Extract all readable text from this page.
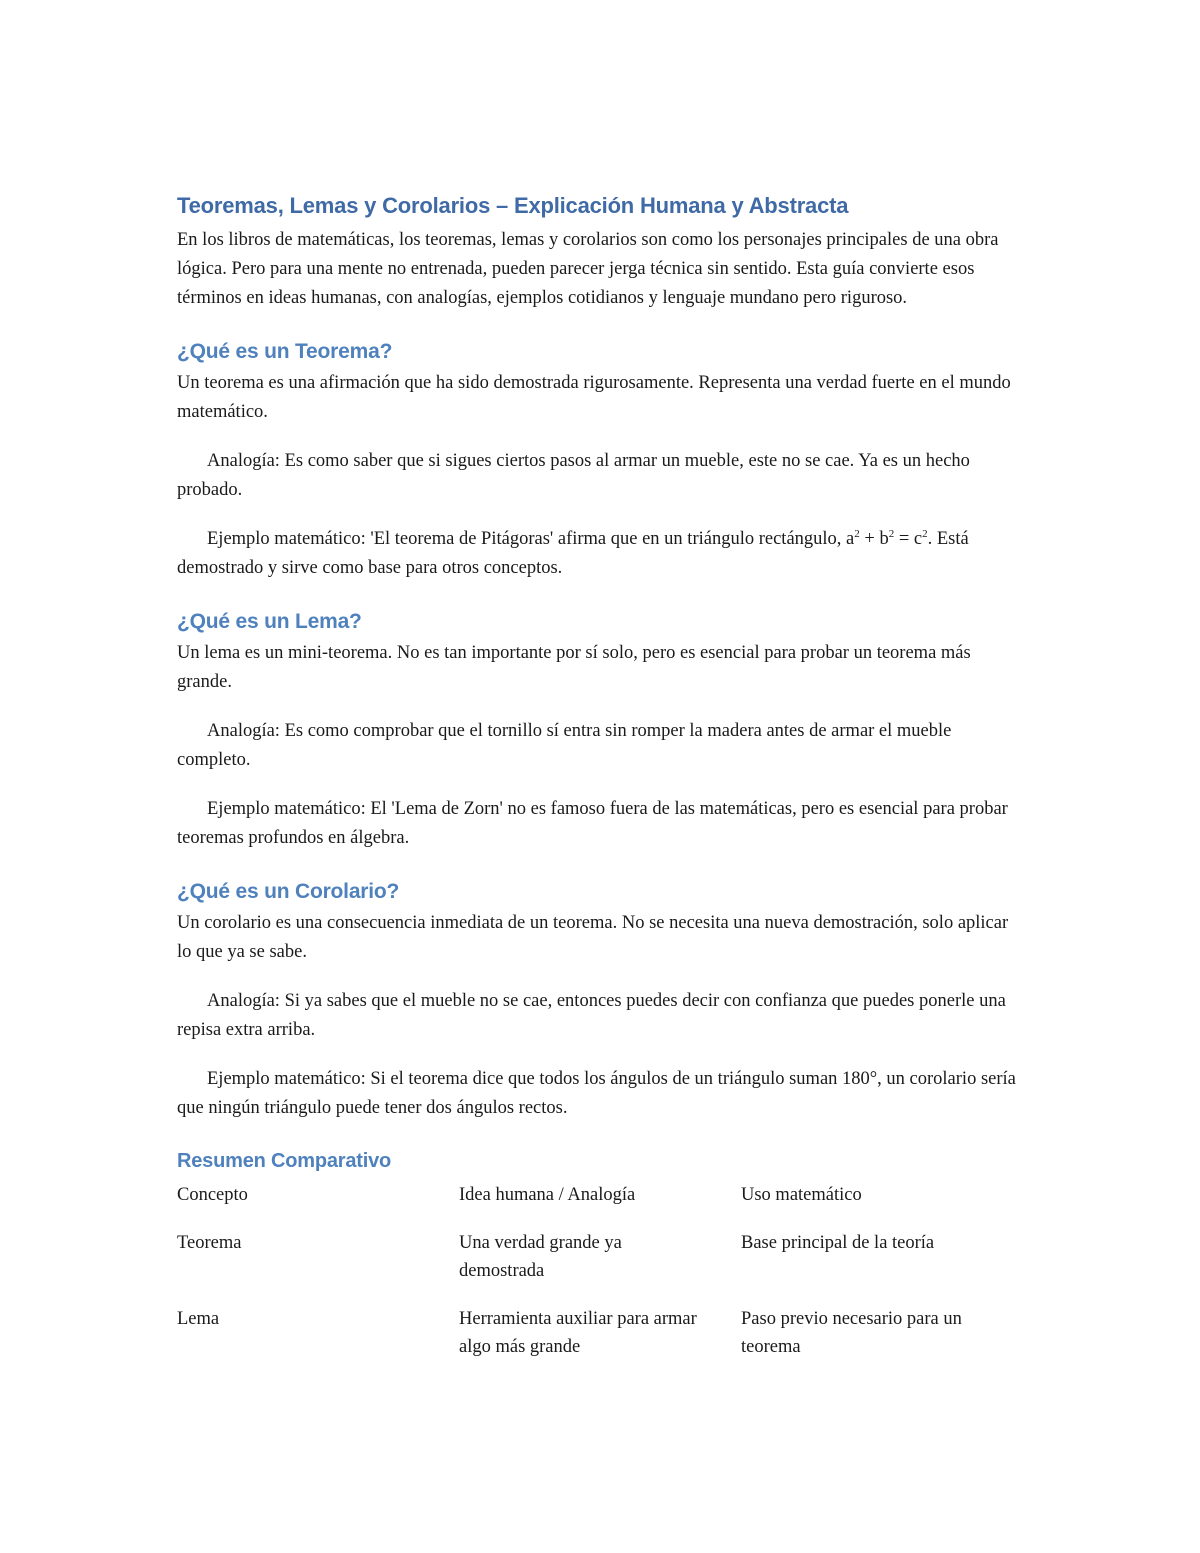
Teoremas, Lemas y Corolarios – Explicación Humana y Abstracta

En los libros de matemáticas, los teoremas, lemas y corolarios son como los personajes principales de una obra lógica. Pero para una mente no entrenada, pueden parecer jerga técnica sin sentido. Esta guía convierte esos términos en ideas humanas, con analogías, ejemplos cotidianos y lenguaje mundano pero riguroso.

¿Qué es un Teorema?

Un teorema es una afirmación que ha sido demostrada rigurosamente. Representa una verdad fuerte en el mundo matemático.

Analogía: Es como saber que si sigues ciertos pasos al armar un mueble, este no se cae. Ya es un hecho probado.

Ejemplo matemático: 'El teorema de Pitágoras' afirma que en un triángulo rectángulo, $a^2 + b^2 = c^2$. Está demostrado y sirve como base para otros conceptos.

¿Qué es un Lema?

Un lema es un mini-teorema. No es tan importante por sí solo, pero es esencial para probar un teorema más grande.

Analogía: Es como comprobar que el tornillo sí entra sin romper la madera antes de armar el mueble completo.

Ejemplo matemático: El 'Lema de Zorn' no es famoso fuera de las matemáticas, pero es esencial para probar teoremas profundos en álgebra.

¿Qué es un Corolario?

Un corolario es una consecuencia inmediata de un teorema. No se necesita una nueva demostración, solo aplicar lo que ya se sabe.

Analogía: Si ya sabes que el mueble no se cae, entonces puedes decir con confianza que puedes ponerle una repisa extra arriba.

Ejemplo matemático: Si el teorema dice que todos los ángulos de un triángulo suman 180°, un corolario sería que ningún triángulo puede tener dos ángulos rectos.

Resumen Comparativo
Concepto	Idea humana / Analogía	Uso matemático
Teorema	Una verdad grande ya demostrada	Base principal de la teoría
Lema	Herramienta auxiliar para armar algo más grande	Paso previo necesario para un teorema
